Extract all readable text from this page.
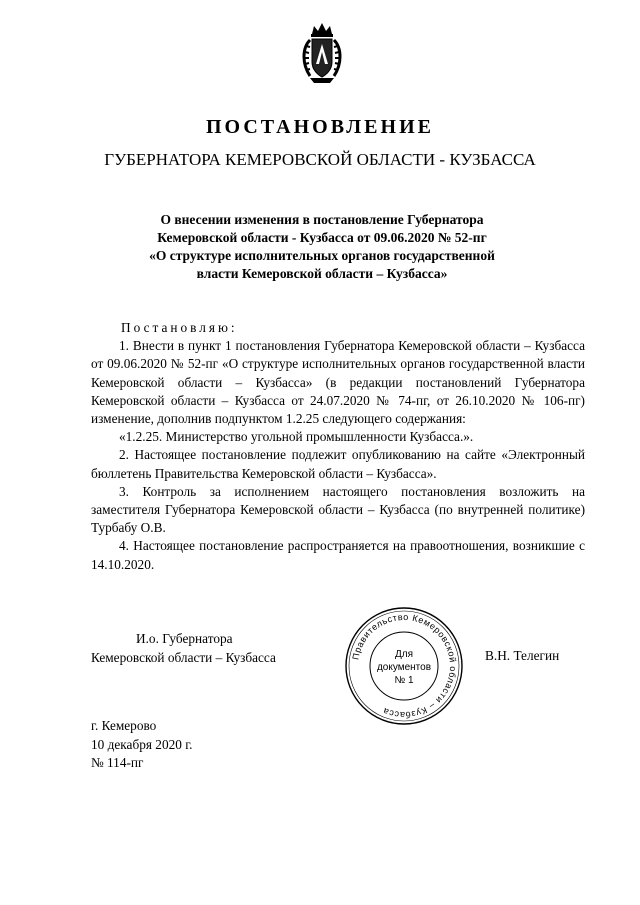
ПОСТАНОВЛЕНИЕ
ГУБЕРНАТОРА КЕМЕРОВСКОЙ ОБЛАСТИ - КУЗБАССА
О внесении изменения в постановление Губернатора
Кемеровской области - Кузбасса от 09.06.2020 № 52-пг
«О структуре исполнительных органов государственной
власти Кемеровской области – Кузбасса»

Постановляю:

1. Внести в пункт 1 постановления Губернатора Кемеровской области – Кузбасса от 09.06.2020 № 52-пг «О структуре исполнительных органов государственной власти Кемеровской области – Кузбасса» (в редакции постановлений Губернатора Кемеровской области – Кузбасса от 24.07.2020 № 74-пг, от 26.10.2020 № 106-пг) изменение, дополнив подпунктом 1.2.25 следующего содержания:

«1.2.25. Министерство угольной промышленности Кузбасса.».

2. Настоящее постановление подлежит опубликованию на сайте «Электронный бюллетень Правительства Кемеровской области – Кузбасса».

3. Контроль за исполнением настоящего постановления возложить на заместителя Губернатора Кемеровской области – Кузбасса (по внутренней политике) Турбабу О.В.

4. Настоящее постановление распространяется на правоотношения, возникшие с 14.10.2020.

И.о. Губернатора
Кемеровской области – Кузбасса	Правительство Кемеровской области – Кузбасса
Для
документов
№ 1
В.Н. Телегин
г. Кемерово
10 декабря 2020 г.
№ 114-пг
